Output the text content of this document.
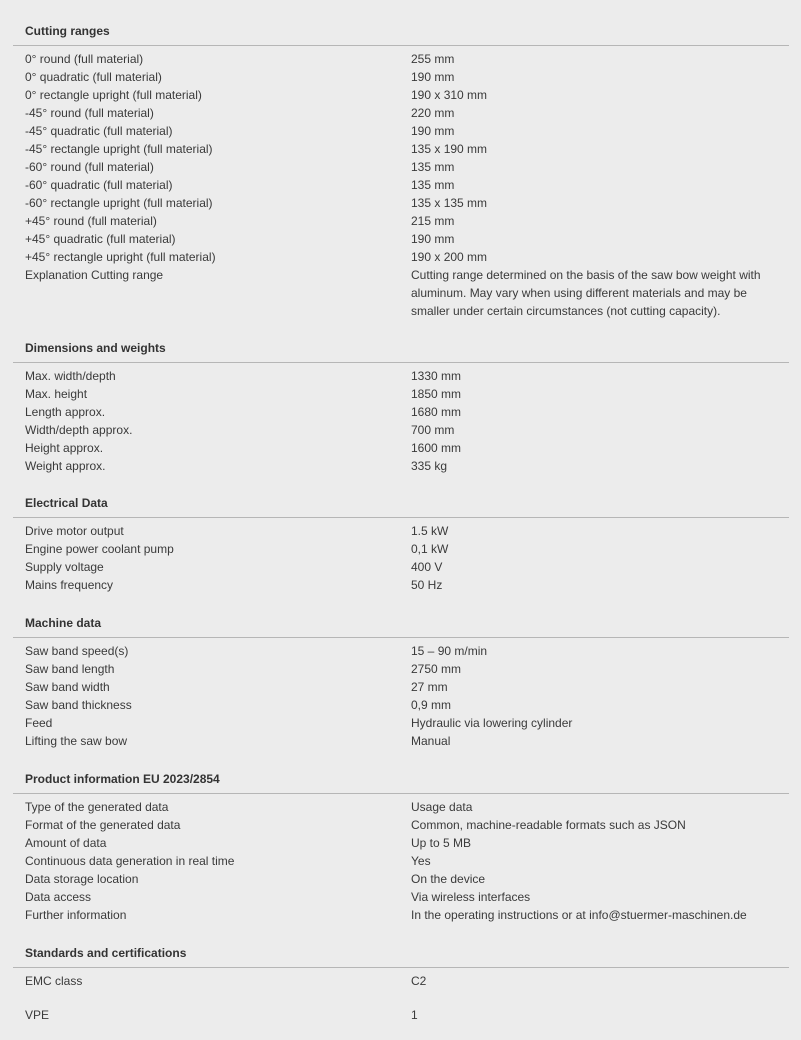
Cutting ranges
0° round (full material)	255 mm
0° quadratic (full material)	190 mm
0° rectangle upright (full material)	190 x 310 mm
-45° round (full material)	220 mm
-45° quadratic (full material)	190 mm
-45° rectangle upright (full material)	135 x 190 mm
-60° round (full material)	135 mm
-60° quadratic (full material)	135 mm
-60° rectangle upright (full material)	135 x 135 mm
+45° round (full material)	215 mm
+45° quadratic (full material)	190 mm
+45° rectangle upright (full material)	190 x 200 mm
Explanation Cutting range	Cutting range determined on the basis of the saw bow weight with aluminum. May vary when using different materials and may be smaller under certain circumstances (not cutting capacity).
Dimensions and weights
Max. width/depth	1330 mm
Max. height	1850 mm
Length approx.	1680 mm
Width/depth approx.	700 mm
Height approx.	1600 mm
Weight approx.	335 kg
Electrical Data
Drive motor output	1.5 kW
Engine power coolant pump	0,1 kW
Supply voltage	400 V
Mains frequency	50 Hz
Machine data
Saw band speed(s)	15 – 90 m/min
Saw band length	2750 mm
Saw band width	27 mm
Saw band thickness	0,9 mm
Feed	Hydraulic via lowering cylinder
Lifting the saw bow	Manual
Product information EU 2023/2854
Type of the generated data	Usage data
Format of the generated data	Common, machine-readable formats such as JSON
Amount of data	Up to 5 MB
Continuous data generation in real time	Yes
Data storage location	On the device
Data access	Via wireless interfaces
Further information	In the operating instructions or at info@stuermer-maschinen.de
Standards and certifications
EMC class	C2
VPE	1
